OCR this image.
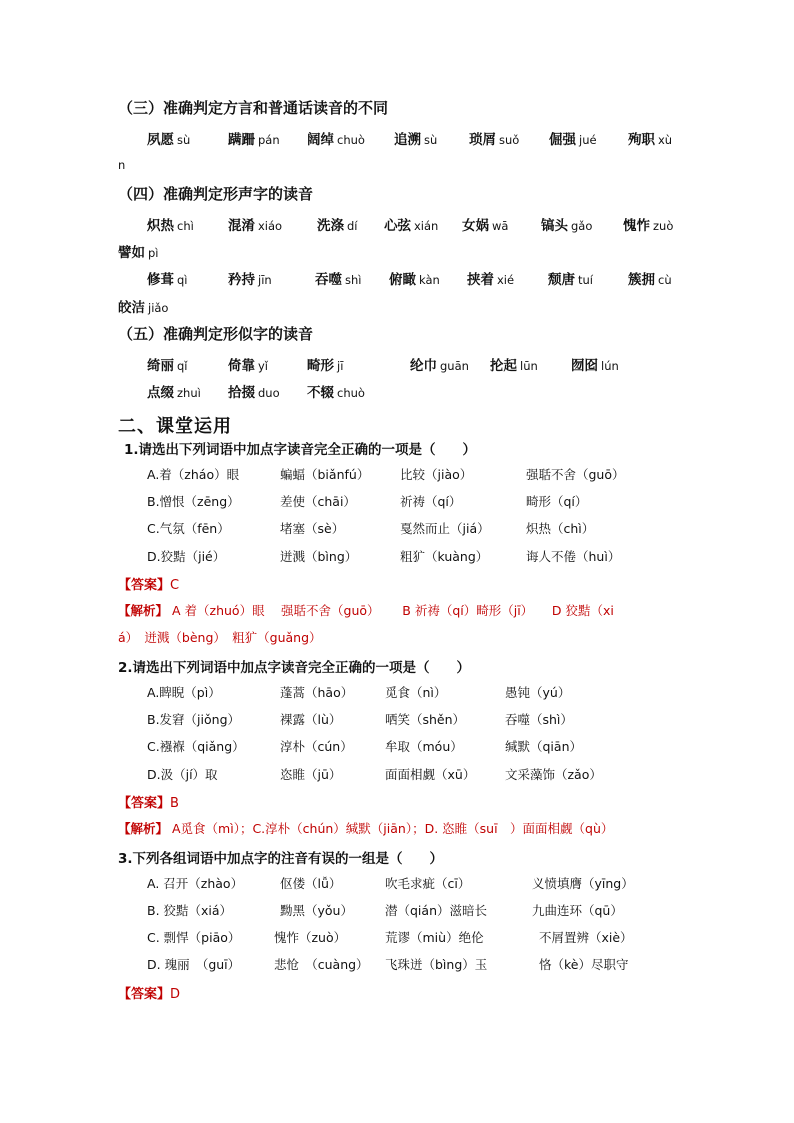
（三）准确判定方言和普通话读音的不同
夙愿 sù	蹒跚 pán 阔绰 chuò 追溯 sù 琐屑 suǒ 倔强 jué 殉职 xù
n
（四）准确判定形声字的读音
炽热 chì	混淆 xiáo	洗涤 dí 心弦 xián 女娲 wā 镐头 gǎo 愧怍 zuò
譬如 pì
修葺 qì	矜持 jīn	吞噬 shì 俯瞰 kàn 挟着 xié	颓唐 tuí	簇拥 cù
皎洁 jiǎo
（五）准确判定形似字的读音
绮丽 qǐ	倚靠 yǐ	畸形 jī	纶巾 guān 抡起 lūn 囫囵 lún
点缀 zhuì 拾掇 duo 不辍 chuò
二、课堂运用
1.请选出下列词语中加点字读音完全正确的一项是（　　）
A.着（zháo）眼	蝙蝠（biǎnfú） 比较（jiào）	强聒不舍（guō）
B.憎恨（zēng）	差使（chāi）	祈祷（qí）	畸形（qí）
C.气氛（fēn）	堵塞（sè）	戛然而止（jiá）	炽热（chì）
D.狡黠（jié）	迸溅（bìng）	粗犷（kuàng）	诲人不倦（huì）
【答案】C
【解析】 A 着（zhuó）眼　 强聒不舍（guō）　　 B 祈祷（qí）畸形（jī）　　D 狡黠（xi
á）　迸溅（bèng）　粗犷（guǎng）
2.请选出下列词语中加点字读音完全正确的一项是（　　）
A.睥睨（pì）	蓬蒿（hāo）	觅食（nì）	愚钝（yú）
B.发窘（jiǒng）	裸露（lù）	哂笑（shěn）	吞噬（shì）
C.襁褓（qiǎng）	淳朴（cún）	牟取（móu）	缄默（qiān）
D.汲（jí）取	恣睢（jū）	面面相觑（xū） 文采藻饰（zǎo）
【答案】B
【解析】 A觅食（mì）；C.淳朴（chún）缄默（jiān）；D. 恣睢（suī　）面面相觑（qù）
3.下列各组词语中加点字的注音有误的一组是（　　）
A. 召开（zhào）	伛偻（lǚ）	吹毛求疵（cī）	义愤填膺（yīng）
B. 狡黠（xiá）	黝黑（yǒu）	潜（qián）滋暗长	九曲连环（qū）
C. 剽悍（piāo）	愧怍（zuò）	荒谬（miù）绝伦	不屑置辨（xiè）
D. 瑰丽　（guī）	悲怆　（cuàng） 飞珠迸（bìng）玉	恪（kè）尽职守
【答案】D
